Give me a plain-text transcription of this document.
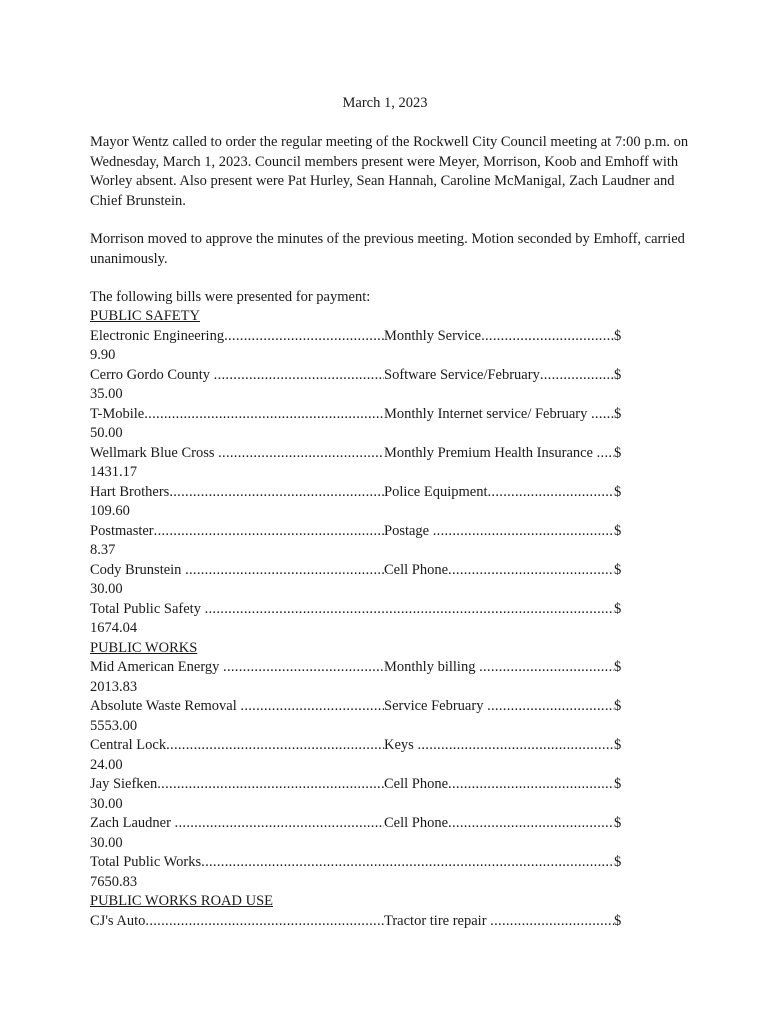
March 1, 2023
Mayor Wentz called to order the regular meeting of the Rockwell City Council meeting at 7:00 p.m. on Wednesday, March 1, 2023. Council members present were Meyer, Morrison, Koob and Emhoff with Worley absent. Also present were Pat Hurley, Sean Hannah, Caroline McManigal, Zach Laudner and Chief Brunstein.
Morrison moved to approve the minutes of the previous meeting. Motion seconded by Emhoff, carried unanimously.
The following bills were presented for payment:
PUBLIC SAFETY
Electronic Engineering .....	Monthly Service .....	$
9.90
Cerro Gordo County .....	Software Service/February .....	$
35.00
T-Mobile .....	Monthly Internet service/ February .....	$
50.00
Wellmark Blue Cross .....	Monthly Premium Health Insurance .....	$
1431.17
Hart Brothers .....	Police Equipment .....	$
109.60
Postmaster .....	Postage .....	$
8.37
Cody Brunstein .....	Cell Phone .....	$
30.00
Total Public Safety .....	$
1674.04
PUBLIC WORKS
Mid American Energy .....	Monthly billing .....	$
2013.83
Absolute Waste Removal .....	Service February .....	$
5553.00
Central Lock .....	Keys .....	$
24.00
Jay Siefken .....	Cell Phone .....	$
30.00
Zach Laudner .....	Cell Phone .....	$
30.00
Total Public Works .....	$
7650.83
PUBLIC WORKS ROAD USE
CJ's Auto .....	Tractor tire repair .....	$
